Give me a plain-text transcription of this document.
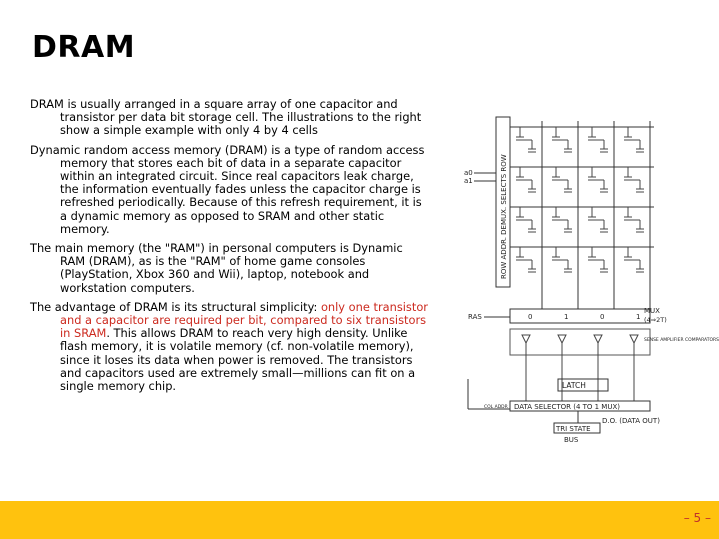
DRAM

DRAM is usually arranged in a square array of one capacitor and transistor per data bit storage cell. The illustrations to the right show a simple example with only 4 by 4 cells

Dynamic random access memory (DRAM) is a type of random access memory that stores each bit of data in a separate capacitor within an integrated circuit. Since real capacitors leak charge, the information eventually fades unless the capacitor charge is refreshed periodically. Because of this refresh requirement, it is a dynamic memory as opposed to SRAM and other static memory.

The main memory (the "RAM") in personal computers is Dynamic RAM (DRAM), as is the "RAM" of home game consoles (PlayStation, Xbox 360 and Wii), laptop, notebook and workstation computers.

The advantage of DRAM is its structural simplicity: only one transistor and a capacitor are required per bit, compared to six transistors in SRAM. This allows DRAM to reach very high density. Unlike flash memory, it is volatile memory (cf. non-volatile memory), since it loses its data when power is removed. The transistors and capacitors used are extremely small—millions can fit on a single memory chip.

ROW ADDR. DEMUX. SELECTS ROW
a0
a1
RAS	0	1	0	1
MUX
(4⇒2T)
SENSE AMPLIFIER COMPARATORS
LATCH
DATA SELECTOR (4 TO 1 MUX)
COL ADDR
D.O. (DATA OUT)
TRI STATE
BUS
– 5 –
